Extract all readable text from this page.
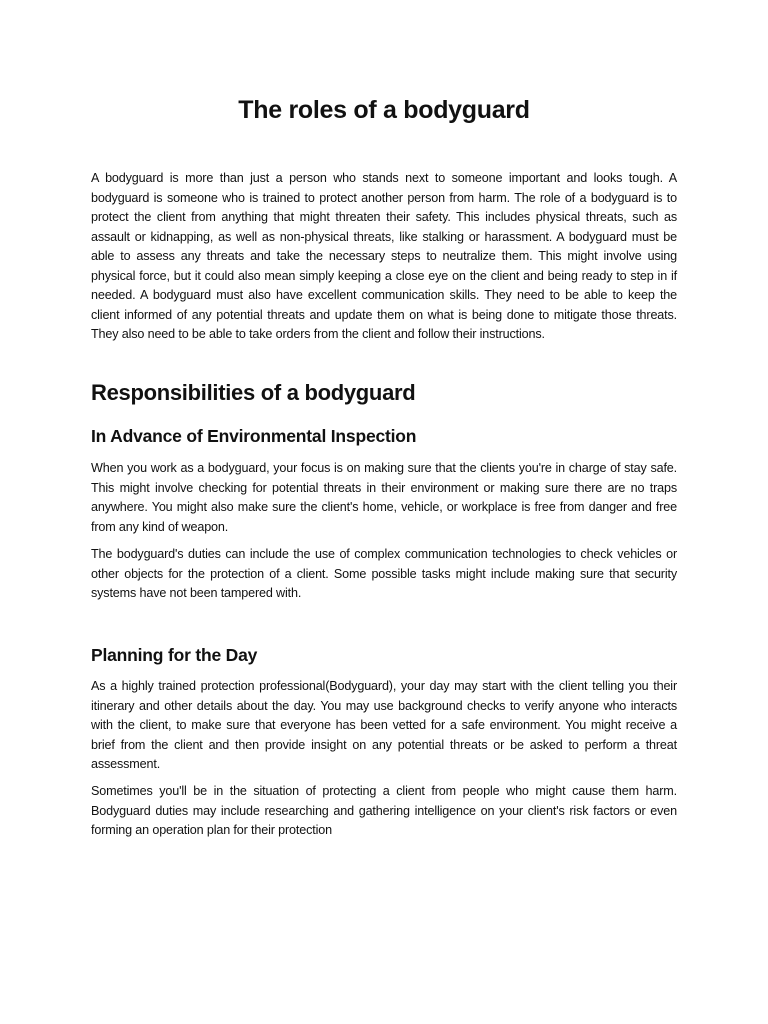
The roles of a bodyguard

A bodyguard is more than just a person who stands next to someone important and looks tough. A bodyguard is someone who is trained to protect another person from harm. The role of a bodyguard is to protect the client from anything that might threaten their safety. This includes physical threats, such as assault or kidnapping, as well as non-physical threats, like stalking or harassment. A bodyguard must be able to assess any threats and take the necessary steps to neutralize them. This might involve using physical force, but it could also mean simply keeping a close eye on the client and being ready to step in if needed. A bodyguard must also have excellent communication skills. They need to be able to keep the client informed of any potential threats and update them on what is being done to mitigate those threats. They also need to be able to take orders from the client and follow their instructions.

Responsibilities of a bodyguard
In Advance of Environmental Inspection

When you work as a bodyguard, your focus is on making sure that the clients you're in charge of stay safe. This might involve checking for potential threats in their environment or making sure there are no traps anywhere. You might also make sure the client's home, vehicle, or workplace is free from danger and free from any kind of weapon.

The bodyguard's duties can include the use of complex communication technologies to check vehicles or other objects for the protection of a client. Some possible tasks might include making sure that security systems have not been tampered with.

Planning for the Day

As a highly trained protection professional(Bodyguard), your day may start with the client telling you their itinerary and other details about the day. You may use background checks to verify anyone who interacts with the client, to make sure that everyone has been vetted for a safe environment. You might receive a brief from the client and then provide insight on any potential threats or be asked to perform a threat assessment.

Sometimes you'll be in the situation of protecting a client from people who might cause them harm. Bodyguard duties may include researching and gathering intelligence on your client's risk factors or even forming an operation plan for their protection
